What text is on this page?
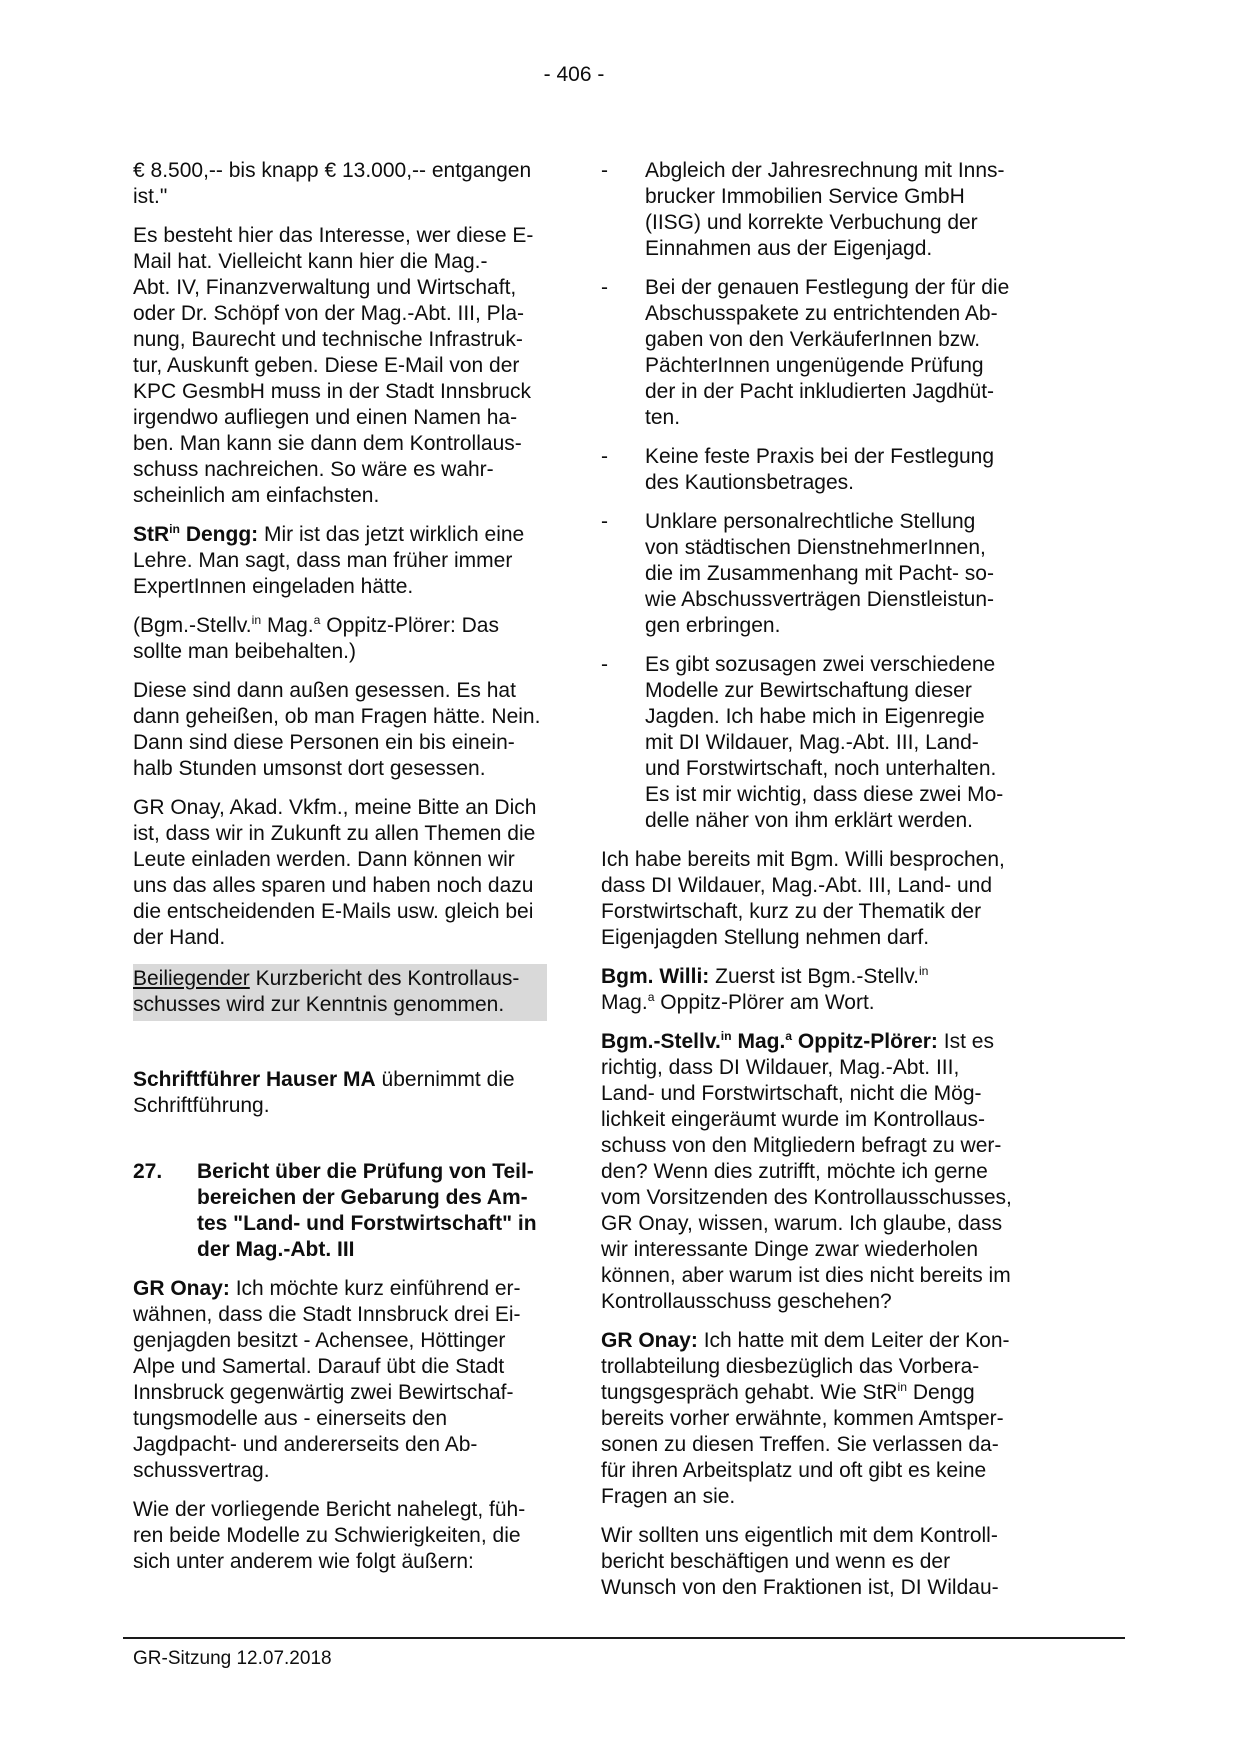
- 406 -
€ 8.500,-- bis knapp € 13.000,-- entgangen
ist."
Es besteht hier das Interesse, wer diese E-
Mail hat. Vielleicht kann hier die Mag.-
Abt. IV, Finanzverwaltung und Wirtschaft,
oder Dr. Schöpf von der Mag.-Abt. III, Pla-
nung, Baurecht und technische Infrastruk-
tur, Auskunft geben. Diese E-Mail von der
KPC GesmbH muss in der Stadt Innsbruck
irgendwo aufliegen und einen Namen ha-
ben. Man kann sie dann dem Kontrollaus-
schuss nachreichen. So wäre es wahr-
scheinlich am einfachsten.
StR$^{in}$ Dengg: Mir ist das jetzt wirklich eine
Lehre. Man sagt, dass man früher immer
ExpertInnen eingeladen hätte.
(Bgm.-Stellv.$^{in}$ Mag.$^a$ Oppitz-Plörer: Das
sollte man beibehalten.)
Diese sind dann außen gesessen. Es hat
dann geheißen, ob man Fragen hätte. Nein.
Dann sind diese Personen ein bis einein-
halb Stunden umsonst dort gesessen.
GR Onay, Akad. Vkfm., meine Bitte an Dich
ist, dass wir in Zukunft zu allen Themen die
Leute einladen werden. Dann können wir
uns das alles sparen und haben noch dazu
die entscheidenden E-Mails usw. gleich bei
der Hand.
Beiliegender Kurzbericht des Kontrollaus-
schusses wird zur Kenntnis genommen.
Schriftführer Hauser MA übernimmt die
Schriftführung.
27.	Bericht über die Prüfung von Teil-
bereichen der Gebarung des Am-
tes "Land- und Forstwirtschaft" in
der Mag.-Abt. III
GR Onay: Ich möchte kurz einführend er-
wähnen, dass die Stadt Innsbruck drei Ei-
genjagden besitzt - Achensee, Höttinger
Alpe und Samertal. Darauf übt die Stadt
Innsbruck gegenwärtig zwei Bewirtschaf-
tungsmodelle aus - einerseits den
Jagdpacht- und andererseits den Ab-
schussvertrag.
Wie der vorliegende Bericht nahelegt, füh-
ren beide Modelle zu Schwierigkeiten, die
sich unter anderem wie folgt äußern:
-	Abgleich der Jahresrechnung mit Inns-
brucker Immobilien Service GmbH
(IISG) und korrekte Verbuchung der
Einnahmen aus der Eigenjagd.
-	Bei der genauen Festlegung der für die
Abschusspakete zu entrichtenden Ab-
gaben von den VerkäuferInnen bzw.
PächterInnen ungenügende Prüfung
der in der Pacht inkludierten Jagdhüt-
ten.
-	Keine feste Praxis bei der Festlegung
des Kautionsbetrages.
-	Unklare personalrechtliche Stellung
von städtischen DienstnehmerInnen,
die im Zusammenhang mit Pacht- so-
wie Abschussverträgen Dienstleistun-
gen erbringen.
-	Es gibt sozusagen zwei verschiedene
Modelle zur Bewirtschaftung dieser
Jagden. Ich habe mich in Eigenregie
mit DI Wildauer, Mag.-Abt. III, Land-
und Forstwirtschaft, noch unterhalten.
Es ist mir wichtig, dass diese zwei Mo-
delle näher von ihm erklärt werden.
Ich habe bereits mit Bgm. Willi besprochen,
dass DI Wildauer, Mag.-Abt. III, Land- und
Forstwirtschaft, kurz zu der Thematik der
Eigenjagden Stellung nehmen darf.
Bgm. Willi: Zuerst ist Bgm.-Stellv.$^{in}$
Mag.$^a$ Oppitz-Plörer am Wort.
Bgm.-Stellv.$^{in}$ Mag.$^a$ Oppitz-Plörer: Ist es
richtig, dass DI Wildauer, Mag.-Abt. III,
Land- und Forstwirtschaft, nicht die Mög-
lichkeit eingeräumt wurde im Kontrollaus-
schuss von den Mitgliedern befragt zu wer-
den? Wenn dies zutrifft, möchte ich gerne
vom Vorsitzenden des Kontrollausschusses,
GR Onay, wissen, warum. Ich glaube, dass
wir interessante Dinge zwar wiederholen
können, aber warum ist dies nicht bereits im
Kontrollausschuss geschehen?
GR Onay: Ich hatte mit dem Leiter der Kon-
trollabteilung diesbezüglich das Vorbera-
tungsgespräch gehabt. Wie StR$^{in}$ Dengg
bereits vorher erwähnte, kommen Amtsper-
sonen zu diesen Treffen. Sie verlassen da-
für ihren Arbeitsplatz und oft gibt es keine
Fragen an sie.
Wir sollten uns eigentlich mit dem Kontroll-
bericht beschäftigen und wenn es der
Wunsch von den Fraktionen ist, DI Wildau-
GR-Sitzung 12.07.2018
